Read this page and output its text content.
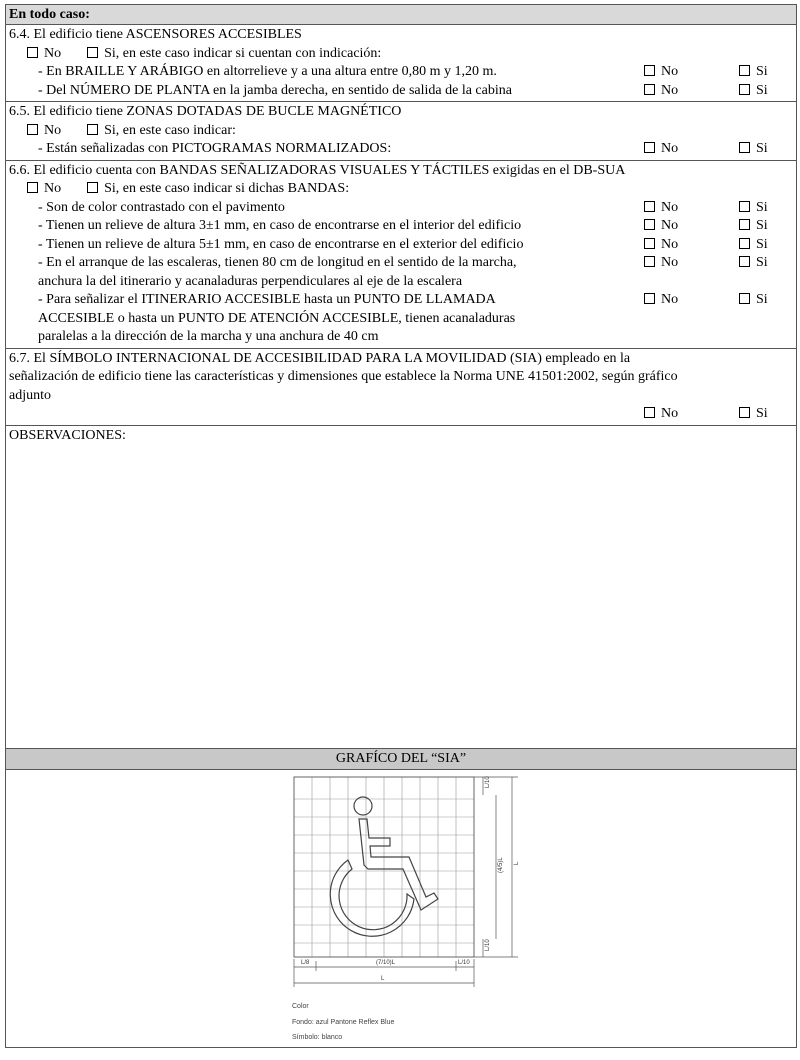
En todo caso:
6.4. El edificio tiene ASCENSORES ACCESIBLES
No	Si, en este caso indicar si cuentan con indicación:
- En BRAILLE Y ARÁBIGO en altorrelieve y a una altura entre 0,80 m y 1,20 m.	No	Si
- Del NÚMERO DE PLANTA en la jamba derecha, en sentido de salida de la cabina	No	Si
6.5. El edificio tiene ZONAS DOTADAS DE BUCLE MAGNÉTICO
No	Si, en este caso indicar:
- Están señalizadas con PICTOGRAMAS NORMALIZADOS:	No	Si
6.6. El edificio cuenta con BANDAS SEÑALIZADORAS VISUALES Y TÁCTILES exigidas en el DB-SUA
No	Si, en este caso indicar si dichas BANDAS:
- Son de color contrastado con el pavimento	No	Si
- Tienen un relieve de altura 3±1 mm, en caso de encontrarse en el interior del edificio	No	Si
- Tienen un relieve de altura 5±1 mm, en caso de encontrarse en el exterior del edificio	No	Si
- En el arranque de las escaleras, tienen 80 cm de longitud en el sentido de la marcha,	No	Si
anchura la del itinerario y acanaladuras perpendiculares al eje de la escalera
- Para señalizar el ITINERARIO ACCESIBLE hasta un PUNTO DE LLAMADA	No	Si
ACCESIBLE o hasta un PUNTO DE ATENCIÓN ACCESIBLE, tienen acanaladuras
paralelas a la dirección de la marcha y una anchura de 40 cm
6.7. El SÍMBOLO INTERNACIONAL DE ACCESIBILIDAD PARA LA MOVILIDAD (SIA) empleado en la
señalización de edificio tiene las características y dimensiones que establece la Norma UNE 41501:2002, según gráfico
adjunto
No	Si
OBSERVACIONES:
GRAFÍCO DEL “SIA”
L/10
(4/5)L L
L/10
L/8	(7/10)L	L/10
L
Color
Fondo: azul Pantone Reflex Blue
Símbolo: blanco
